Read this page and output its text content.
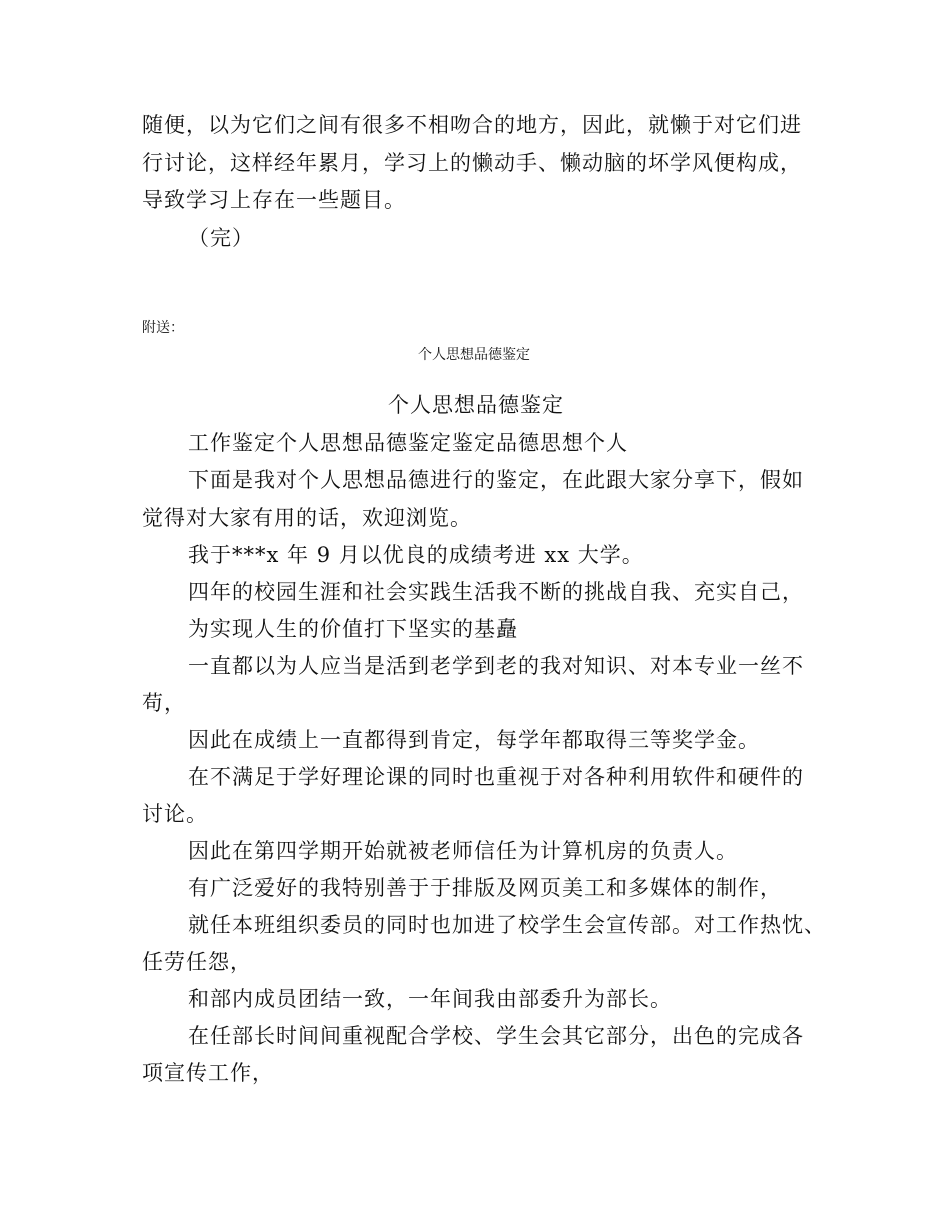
随便，以为它们之间有很多不相吻合的地方，因此，就懒于对它们进
行讨论，这样经年累月，学习上的懒动手、懒动脑的坏学风便构成，
导致学习上存在一些题目。
（完）
附送：
个人思想品德鉴定
个人思想品德鉴定
工作鉴定个人思想品德鉴定鉴定品德思想个人
下面是我对个人思想品德进行的鉴定，在此跟大家分享下，假如
觉得对大家有用的话，欢迎浏览。
我于***x 年 9 月以优良的成绩考进 xx 大学。
四年的校园生涯和社会实践生活我不断的挑战自我、充实自己，
为实现人生的价值打下坚实的基矗
一直都以为人应当是活到老学到老的我对知识、对本专业一丝不
苟，
因此在成绩上一直都得到肯定，每学年都取得三等奖学金。
在不满足于学好理论课的同时也重视于对各种利用软件和硬件的
讨论。
因此在第四学期开始就被老师信任为计算机房的负责人。
有广泛爱好的我特别善于于排版及网页美工和多媒体的制作，
就任本班组织委员的同时也加进了校学生会宣传部。对工作热忱、
任劳任怨，
和部内成员团结一致，一年间我由部委升为部长。
在任部长时间间重视配合学校、学生会其它部分，出色的完成各
项宣传工作，
